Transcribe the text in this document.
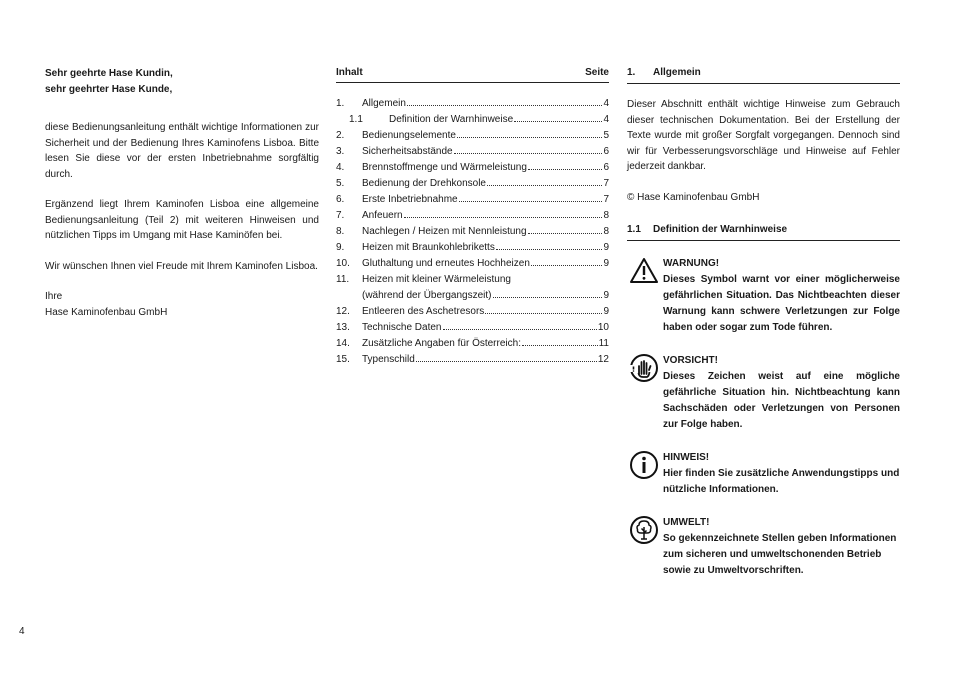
Sehr geehrte Hase Kundin,
sehr geehrter Hase Kunde,

diese Bedienungsanleitung enthält wichtige Informationen zur Sicherheit und der Bedienung Ihres Kaminofens Lisboa. Bitte lesen Sie diese vor der ersten Inbetriebnahme sorgfältig durch.

Ergänzend liegt Ihrem Kaminofen Lisboa eine allgemeine Bedienungsanleitung (Teil 2) mit weiteren Hinweisen und nützlichen Tipps im Umgang mit Hase Kaminöfen bei.

Wir wünschen Ihnen viel Freude mit Ihrem Kaminofen Lisboa.

Ihre
Hase Kaminofenbau GmbH
Inhalt	Seite
1.	Allgemein	4
1.1	Definition der Warnhinweise	4
2.	Bedienungselemente	5
3.	Sicherheitsabstände	6
4.	Brennstoffmenge und Wärmeleistung	6
5.	Bedienung der Drehkonsole	7
6.	Erste Inbetriebnahme	7
7.	Anfeuern	8
8.	Nachlegen / Heizen mit Nennleistung	8
9.	Heizen mit Braunkohlebriketts	9
10.	Gluthaltung und erneutes Hochheizen	9
11.	Heizen mit kleiner Wärmeleistung
(während der Übergangszeit)	9
12.	Entleeren des Aschetresors	9
13.	Technische Daten	10
14.	Zusätzliche Angaben für Österreich:	11
15.	Typenschild	12
1. Allgemein

Dieser Abschnitt enthält wichtige Hinweise zum Gebrauch dieser technischen Dokumentation. Bei der Erstellung der Texte wurde mit großer Sorgfalt vorgegangen. Dennoch sind wir für Verbesserungsvorschläge und Hinweise auf Fehler jederzeit dankbar.

© Hase Kaminofenbau GmbH
1.1 Definition der Warnhinweise
WARNUNG!
Dieses Symbol warnt vor einer möglicherweise gefährlichen Situation. Das Nichtbeachten dieser Warnung kann schwere Verletzungen zur Folge haben oder sogar zum Tode führen.
VORSICHT!
Dieses Zeichen weist auf eine mögliche gefährliche Situation hin. Nichtbeachtung kann Sachschäden oder Verletzungen von Personen zur Folge haben.
HINWEIS!
Hier finden Sie zusätzliche Anwendungstipps und nützliche Informationen.
UMWELT!
So gekennzeichnete Stellen geben Informationen zum sicheren und umweltschonenden Betrieb sowie zu Umweltvorschriften.
4
